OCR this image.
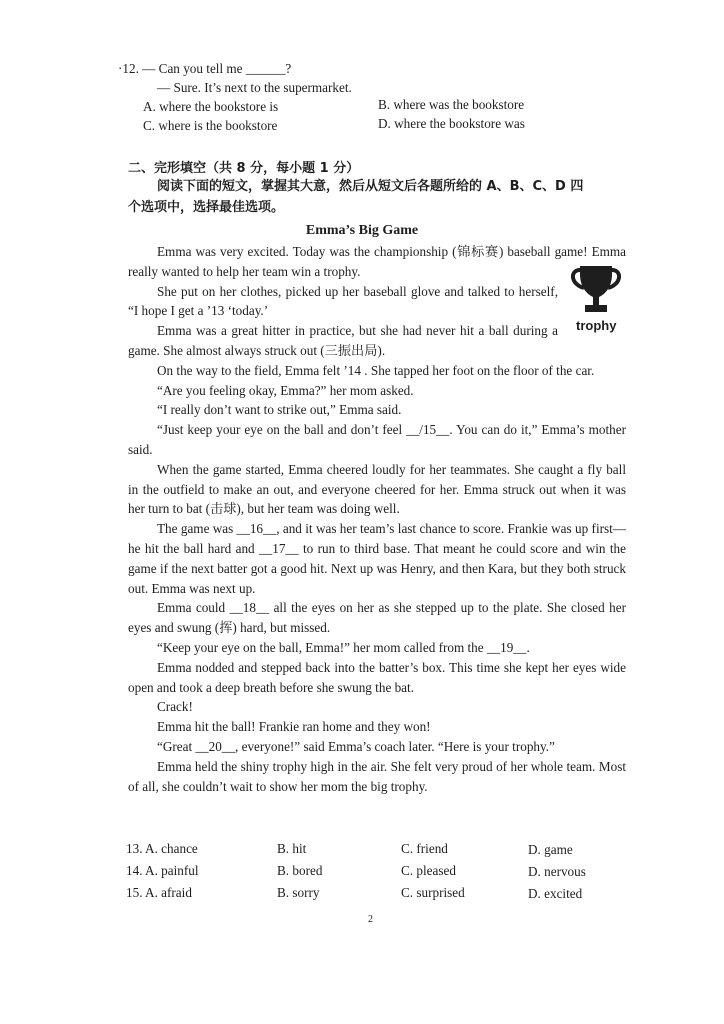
·12. — Can you tell me ______?
— Sure. It’s next to the supermarket.
A. where the bookstore is	B. where was the bookstore
C. where is the bookstore	D. where the bookstore was
二、完形填空（共 8 分，每小题 1 分）
阅读下面的短文，掌握其大意，然后从短文后各题所给的 A、B、C、D 四
个选项中，选择最佳选项。
Emma’s Big Game
trophy

Emma was very excited. Today was the championship (锦标赛) baseball game! Emma really wanted to help her team win a trophy.

She put on her clothes, picked up her baseball glove and talked to herself, “I hope I get a ’13 ‘today.’

Emma was a great hitter in practice, but she had never hit a ball during a game. She almost always struck out (三振出局).

On the way to the field, Emma felt ’14 . She tapped her foot on the floor of the car.

“Are you feeling okay, Emma?” her mom asked.

“I really don’t want to strike out,” Emma said.

“Just keep your eye on the ball and don’t feel __/15__. You can do it,” Emma’s mother said.

When the game started, Emma cheered loudly for her teammates. She caught a fly ball in the outfield to make an out, and everyone cheered for her. Emma struck out when it was her turn to bat (击球), but her team was doing well.

The game was __16__, and it was her team’s last chance to score. Frankie was up first—he hit the ball hard and __17__ to run to third base. That meant he could score and win the game if the next batter got a good hit. Next up was Henry, and then Kara, but they both struck out. Emma was next up.

Emma could __18__ all the eyes on her as she stepped up to the plate. She closed her eyes and swung (挥) hard, but missed.

“Keep your eye on the ball, Emma!” her mom called from the __19__.

Emma nodded and stepped back into the batter’s box. This time she kept her eyes wide open and took a deep breath before she swung the bat.

Crack!

Emma hit the ball! Frankie ran home and they won!

“Great __20__, everyone!” said Emma’s coach later. “Here is your trophy.”

Emma held the shiny trophy high in the air. She felt very proud of her whole team. Most of all, she couldn’t wait to show her mom the big trophy.

13. A. chance	B. hit	C. friend	D. game
14. A. painful	B. bored	C. pleased	D. nervous
15. A. afraid	B. sorry	C. surprised	D. excited
2
